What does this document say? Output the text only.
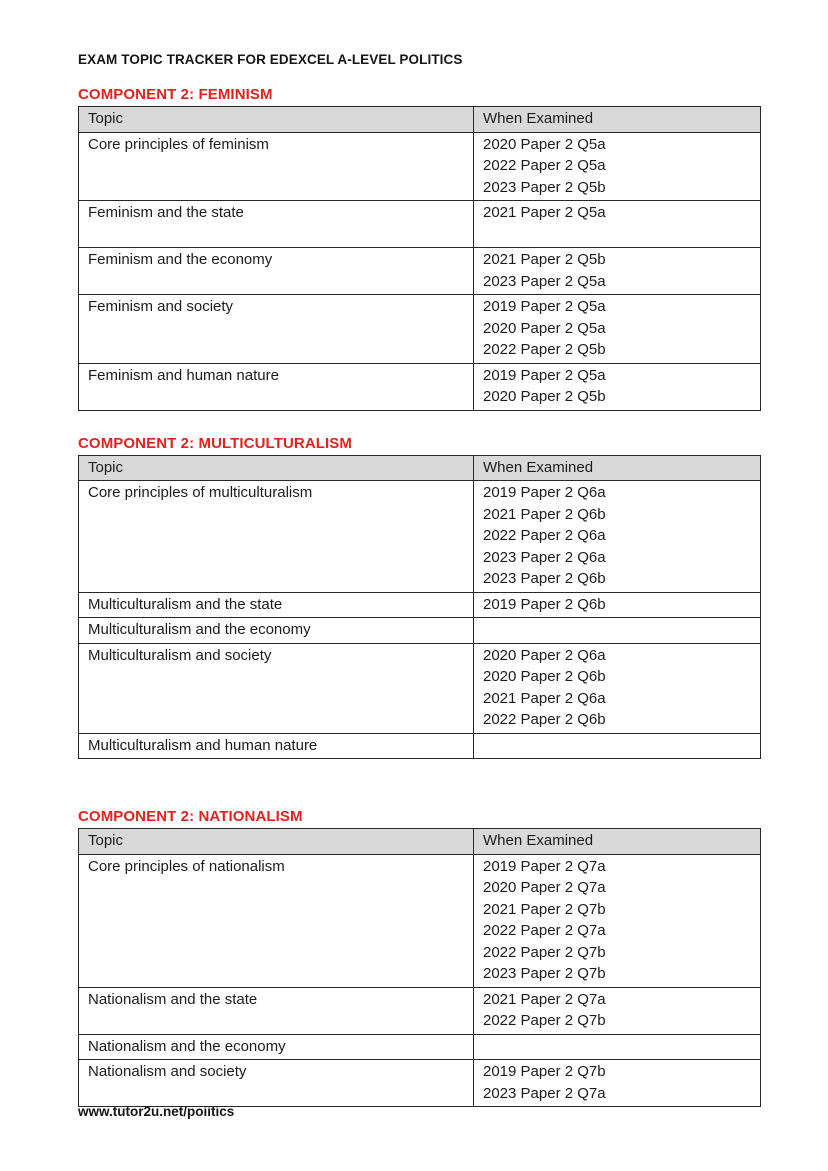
EXAM TOPIC TRACKER FOR EDEXCEL A-LEVEL POLITICS
COMPONENT 2: FEMINISM
Topic	When Examined
Core principles of feminism	2020 Paper 2 Q5a
2022 Paper 2 Q5a
2023 Paper 2 Q5b

Feminism and the state	2021 Paper 2 Q5a

Feminism and the economy	2021 Paper 2 Q5b
2023 Paper 2 Q5a

Feminism and society	2019 Paper 2 Q5a
2020 Paper 2 Q5a
2022 Paper 2 Q5b

Feminism and human nature	2019 Paper 2 Q5a
2020 Paper 2 Q5b
COMPONENT 2: MULTICULTURALISM
Topic	When Examined
Core principles of multiculturalism	2019 Paper 2 Q6a
2021 Paper 2 Q6b
2022 Paper 2 Q6a
2023 Paper 2 Q6a
2023 Paper 2 Q6b

Multiculturalism and the state	2019 Paper 2 Q6b

Multiculturalism and the economy	
Multiculturalism and society	2020 Paper 2 Q6a
2020 Paper 2 Q6b
2021 Paper 2 Q6a
2022 Paper 2 Q6b

Multiculturalism and human nature	
COMPONENT 2: NATIONALISM
Topic	When Examined
Core principles of nationalism	2019 Paper 2 Q7a
2020 Paper 2 Q7a
2021 Paper 2 Q7b
2022 Paper 2 Q7a
2022 Paper 2 Q7b
2023 Paper 2 Q7b

Nationalism and the state	2021 Paper 2 Q7a
2022 Paper 2 Q7b

Nationalism and the economy	
Nationalism and society	2019 Paper 2 Q7b
2023 Paper 2 Q7a
www.tutor2u.net/poiitics
